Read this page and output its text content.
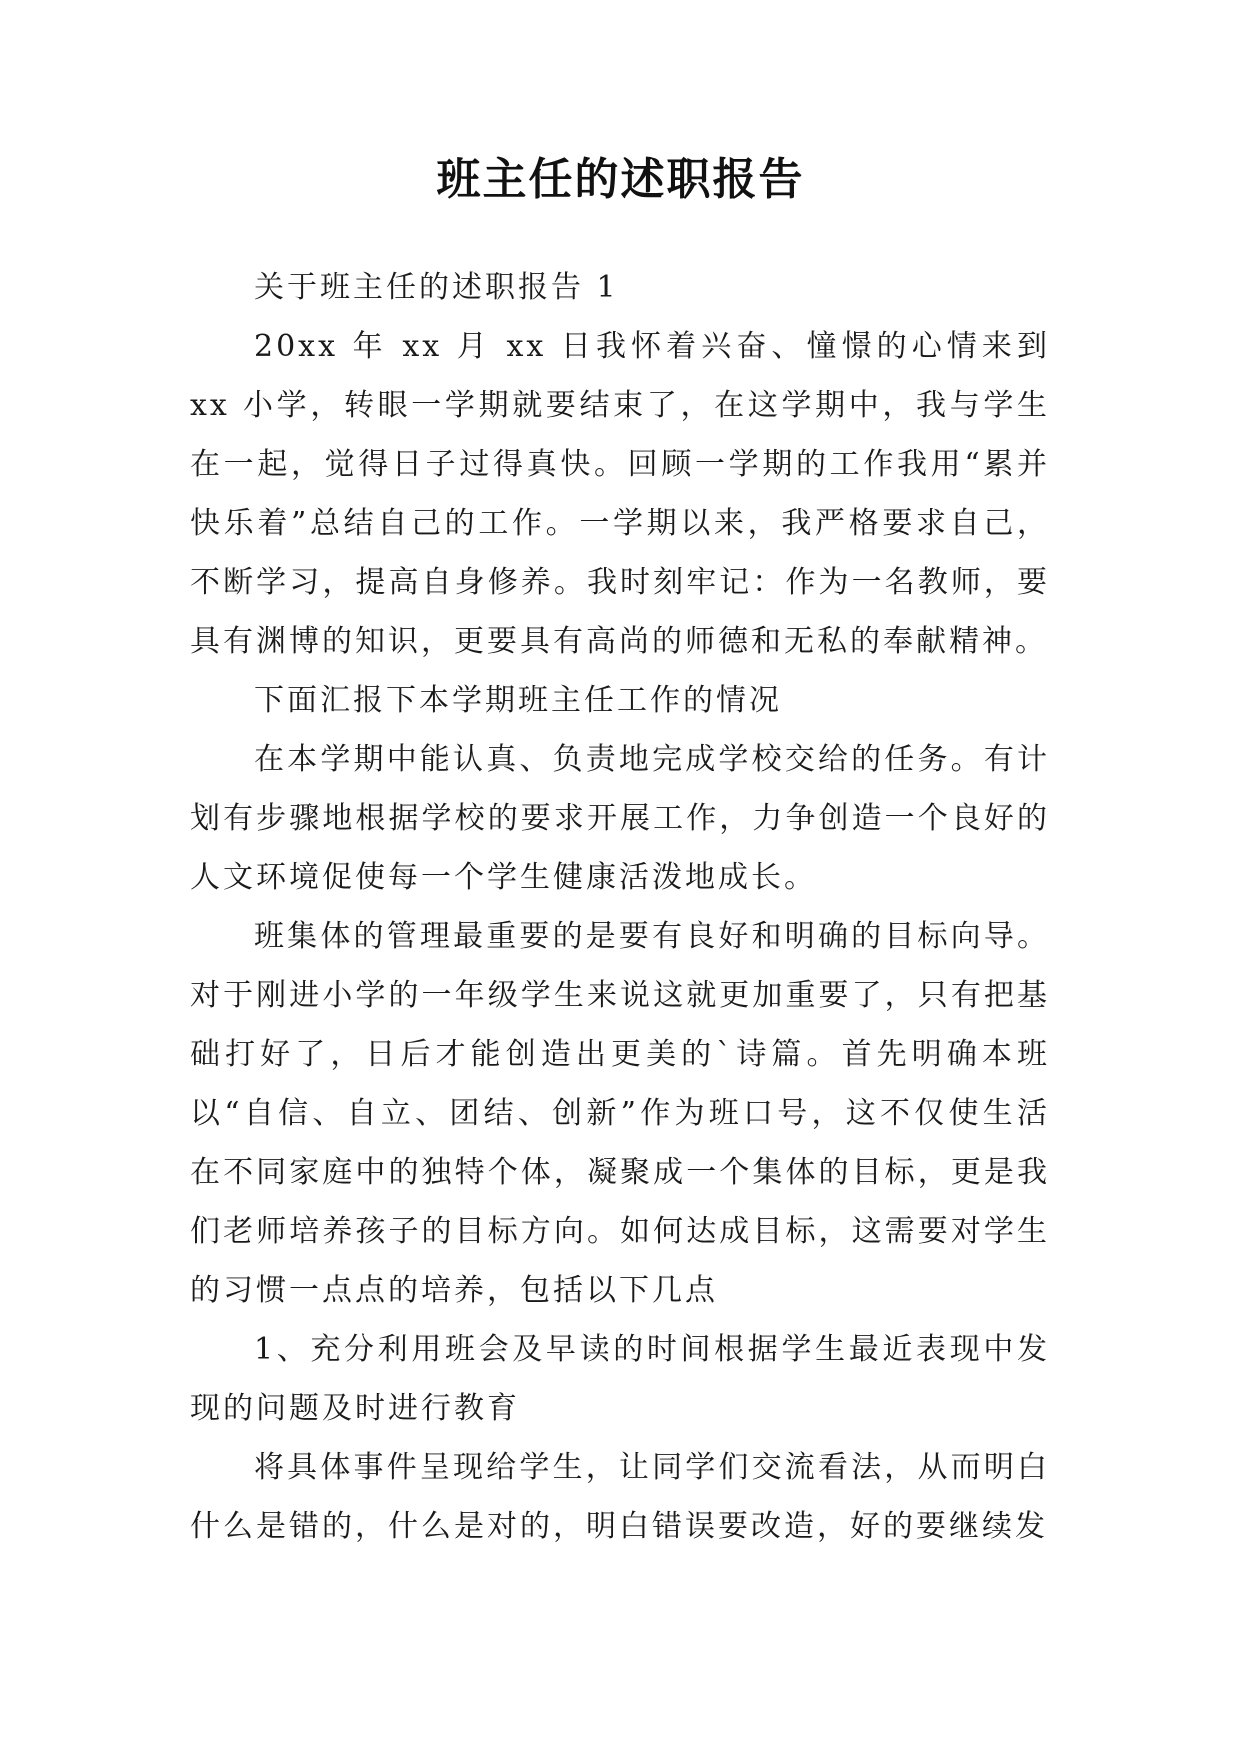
班主任的述职报告

关于班主任的述职报告 1

20xx 年 xx 月 xx 日我怀着兴奋、憧憬的心情来到 xx 小学，转眼一学期就要结束了，在这学期中，我与学生在一起，觉得日子过得真快。回顾一学期的工作我用“累并快乐着”总结自己的工作。一学期以来，我严格要求自己，不断学习，提高自身修养。我时刻牢记：作为一名教师，要具有渊博的知识，更要具有高尚的师德和无私的奉献精神。

下面汇报下本学期班主任工作的情况

在本学期中能认真、负责地完成学校交给的任务。有计划有步骤地根据学校的要求开展工作，力争创造一个良好的人文环境促使每一个学生健康活泼地成长。

班集体的管理最重要的是要有良好和明确的目标向导。对于刚进小学的一年级学生来说这就更加重要了，只有把基础打好了，日后才能创造出更美的`诗篇。首先明确本班以“自信、自立、团结、创新”作为班口号，这不仅使生活在不同家庭中的独特个体，凝聚成一个集体的目标，更是我们老师培养孩子的目标方向。如何达成目标，这需要对学生的习惯一点点的培养，包括以下几点

1、充分利用班会及早读的时间根据学生最近表现中发现的问题及时进行教育

将具体事件呈现给学生，让同学们交流看法，从而明白什么是错的，什么是对的，明白错误要改造，好的要继续发
